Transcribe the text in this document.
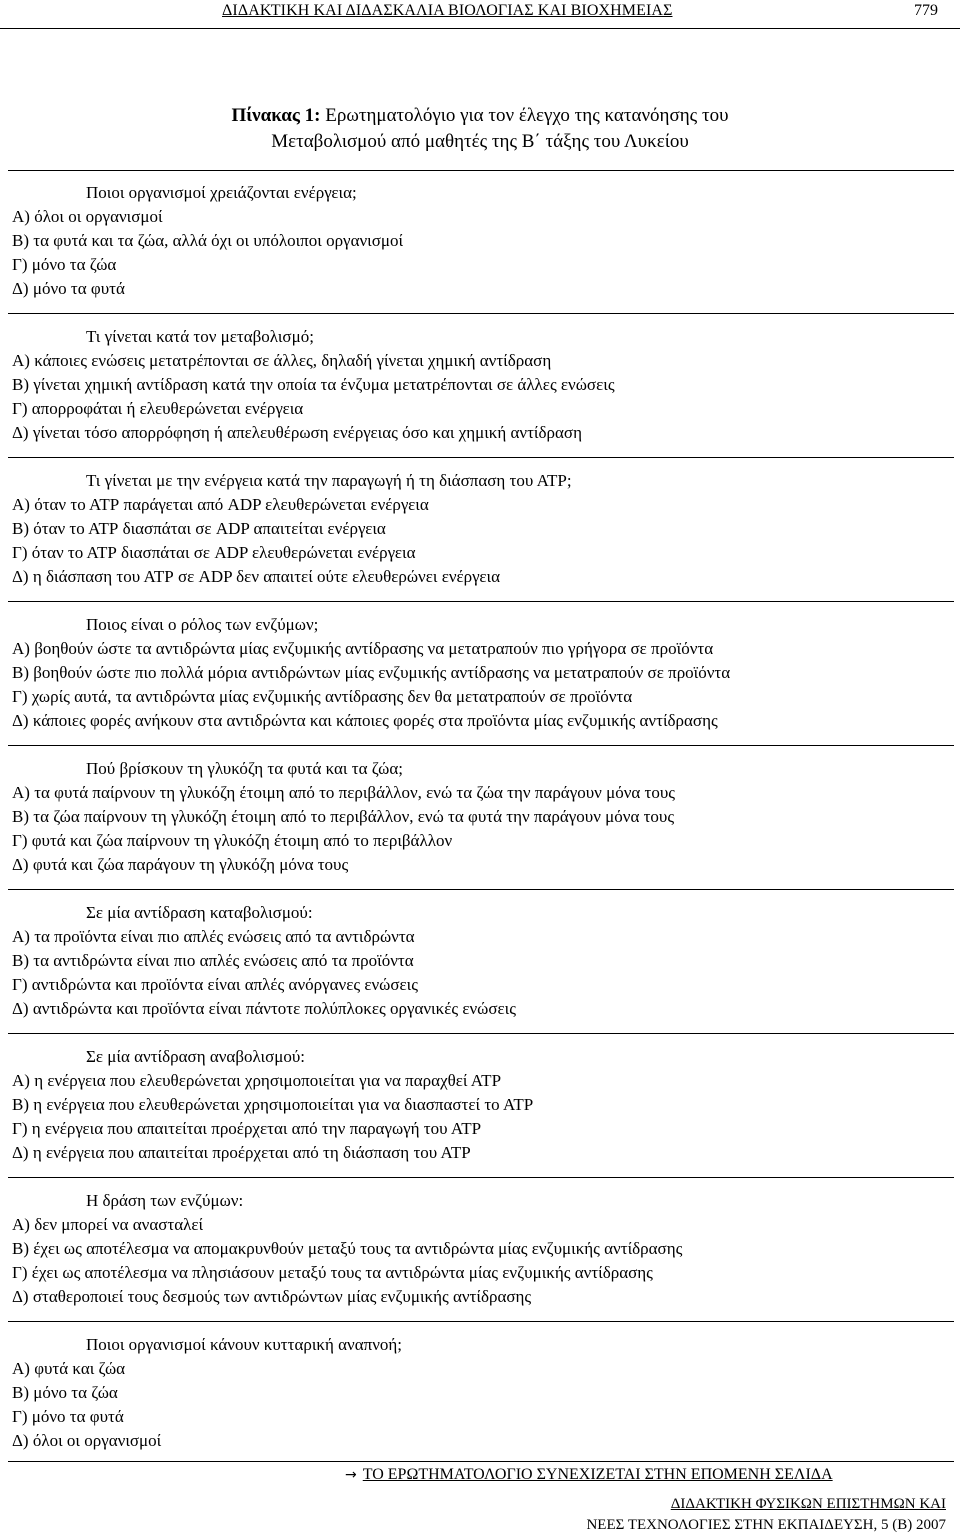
ΔΙΔΑΚΤΙΚΗ ΚΑΙ ΔΙΔΑΣΚΑΛΙΑ ΒΙΟΛΟΓΙΑΣ ΚΑΙ ΒΙΟΧΗΜΕΙΑΣ	779
Πίνακας 1: Ερωτηματολόγιο για τον έλεγχο της κατανόησης του
Μεταβολισμού από μαθητές της Β΄ τάξης του Λυκείου
Ποιοι οργανισμοί χρειάζονται ενέργεια;
Α) όλοι οι οργανισμοί
Β) τα φυτά και τα ζώα, αλλά όχι οι υπόλοιποι οργανισμοί
Γ) μόνο τα ζώα
Δ) μόνο τα φυτά
Τι γίνεται κατά τον μεταβολισμό;
Α) κάποιες ενώσεις μετατρέπονται σε άλλες, δηλαδή γίνεται χημική αντίδραση
Β) γίνεται χημική αντίδραση κατά την οποία τα ένζυμα μετατρέπονται σε άλλες ενώσεις
Γ) απορροφάται ή ελευθερώνεται ενέργεια
Δ) γίνεται τόσο απορρόφηση ή απελευθέρωση ενέργειας όσο και χημική αντίδραση
Τι γίνεται με την ενέργεια κατά την παραγωγή ή τη διάσπαση του ΑΤΡ;
Α) όταν το ΑΤΡ παράγεται από ADP ελευθερώνεται ενέργεια
Β) όταν το ΑΤΡ διασπάται σε ADP απαιτείται ενέργεια
Γ) όταν το ΑΤΡ διασπάται σε ADP ελευθερώνεται ενέργεια
Δ) η διάσπαση του ΑΤΡ σε ADP δεν απαιτεί ούτε ελευθερώνει ενέργεια
Ποιος είναι ο ρόλος των ενζύμων;
Α) βοηθούν ώστε τα αντιδρώντα μίας ενζυμικής αντίδρασης να μετατραπούν πιο γρήγορα σε προϊόντα
Β) βοηθούν ώστε πιο πολλά μόρια αντιδρώντων μίας ενζυμικής αντίδρασης να μετατραπούν σε προϊόντα
Γ) χωρίς αυτά, τα αντιδρώντα μίας ενζυμικής αντίδρασης δεν θα μετατραπούν σε προϊόντα
Δ) κάποιες φορές ανήκουν στα αντιδρώντα και κάποιες φορές στα προϊόντα μίας ενζυμικής αντίδρασης
Πού βρίσκουν τη γλυκόζη τα φυτά και τα ζώα;
Α) τα φυτά παίρνουν τη γλυκόζη έτοιμη από το περιβάλλον, ενώ τα ζώα την παράγουν μόνα τους
Β) τα ζώα παίρνουν τη γλυκόζη έτοιμη από το περιβάλλον, ενώ τα φυτά την παράγουν μόνα τους
Γ) φυτά και ζώα παίρνουν τη γλυκόζη έτοιμη από το περιβάλλον
Δ) φυτά και ζώα παράγουν τη γλυκόζη μόνα τους
Σε μία αντίδραση καταβολισμού:
Α) τα προϊόντα είναι πιο απλές ενώσεις από τα αντιδρώντα
Β) τα αντιδρώντα είναι πιο απλές ενώσεις από τα προϊόντα
Γ) αντιδρώντα και προϊόντα είναι απλές ανόργανες ενώσεις
Δ) αντιδρώντα και προϊόντα είναι πάντοτε πολύπλοκες οργανικές ενώσεις
Σε μία αντίδραση αναβολισμού:
Α) η ενέργεια που ελευθερώνεται χρησιμοποιείται για να παραχθεί ΑΤΡ
Β) η ενέργεια που ελευθερώνεται χρησιμοποιείται για να διασπαστεί το ΑΤΡ
Γ) η ενέργεια που απαιτείται προέρχεται από την παραγωγή του ΑΤΡ
Δ) η ενέργεια που απαιτείται προέρχεται από τη διάσπαση του ΑΤΡ
Η δράση των ενζύμων:
Α) δεν μπορεί να ανασταλεί
Β) έχει ως αποτέλεσμα να απομακρυνθούν μεταξύ τους τα αντιδρώντα μίας ενζυμικής αντίδρασης
Γ) έχει ως αποτέλεσμα να πλησιάσουν μεταξύ τους τα αντιδρώντα μίας ενζυμικής αντίδρασης
Δ) σταθεροποιεί τους δεσμούς των αντιδρώντων μίας ενζυμικής αντίδρασης
Ποιοι οργανισμοί κάνουν κυτταρική αναπνοή;
Α) φυτά και ζώα
Β) μόνο τα ζώα
Γ) μόνο τα φυτά
Δ) όλοι οι οργανισμοί
→ ΤΟ ΕΡΩΤΗΜΑΤΟΛΟΓΙΟ ΣΥΝΕΧΙΖΕΤΑΙ ΣΤΗΝ ΕΠΟΜΕΝΗ ΣΕΛΙΔΑ
ΔΙΔΑΚΤΙΚΗ ΦΥΣΙΚΩΝ ΕΠΙΣΤΗΜΩΝ ΚΑΙ
ΝΕΕΣ ΤΕΧΝΟΛΟΓΙΕΣ ΣΤΗΝ ΕΚΠΑΙΔΕΥΣΗ, 5 (Β) 2007
